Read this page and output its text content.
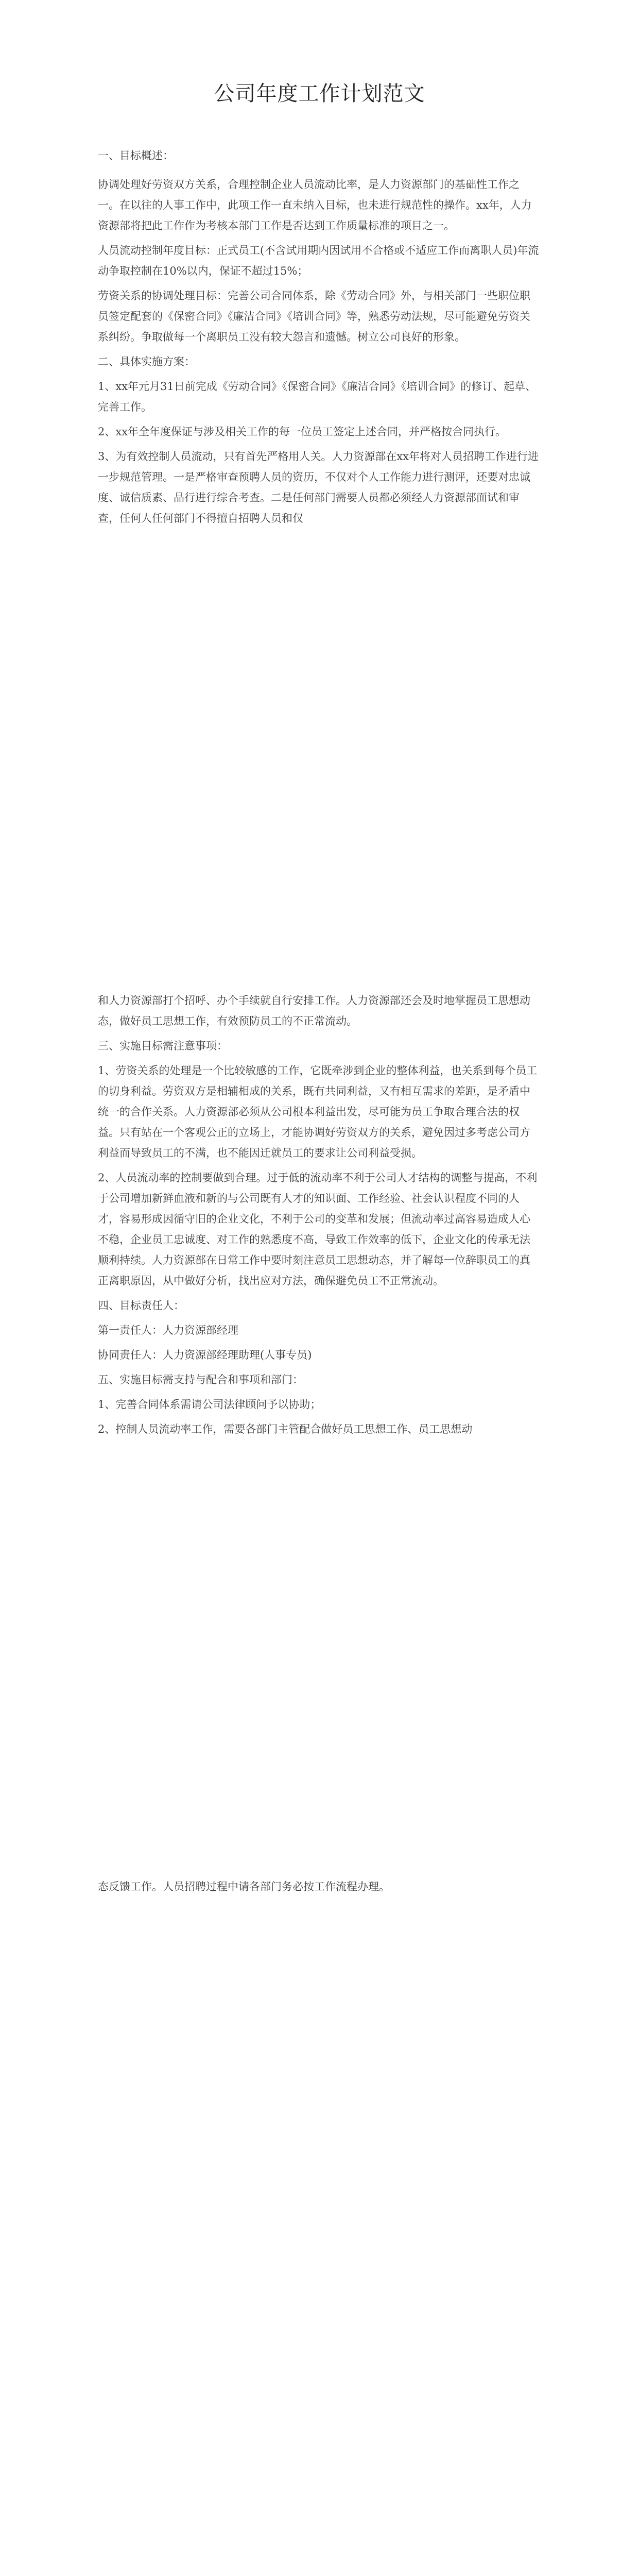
公司年度工作计划范文

一、目标概述：

协调处理好劳资双方关系，合理控制企业人员流动比率，是人力资源部门的基础性工作之一。在以往的人事工作中，此项工作一直未纳入目标，也未进行规范性的操作。xx年，人力资源部将把此工作作为考核本部门工作是否达到工作质量标准的项目之一。

人员流动控制年度目标：正式员工(不含试用期内因试用不合格或不适应工作而离职人员)年流动争取控制在10%以内，保证不超过15%；

劳资关系的协调处理目标：完善公司合同体系，除《劳动合同》外，与相关部门一些职位职员签定配套的《保密合同》《廉洁合同》《培训合同》等，熟悉劳动法规，尽可能避免劳资关系纠纷。争取做每一个离职员工没有较大怨言和遗憾。树立公司良好的形象。

二、具体实施方案：

1、xx年元月31日前完成《劳动合同》《保密合同》《廉洁合同》《培训合同》的修订、起草、完善工作。

2、xx年全年度保证与涉及相关工作的每一位员工签定上述合同，并严格按合同执行。

3、为有效控制人员流动，只有首先严格用人关。人力资源部在xx年将对人员招聘工作进行进一步规范管理。一是严格审查预聘人员的资历，不仅对个人工作能力进行测评，还要对忠诚度、诚信质素、品行进行综合考查。二是任何部门需要人员都必须经人力资源部面试和审查，任何人任何部门不得擅自招聘人员和仅

和人力资源部打个招呼、办个手续就自行安排工作。人力资源部还会及时地掌握员工思想动态，做好员工思想工作，有效预防员工的不正常流动。

三、实施目标需注意事项：

1、劳资关系的处理是一个比较敏感的工作，它既牵涉到企业的整体利益，也关系到每个员工的切身利益。劳资双方是相辅相成的关系，既有共同利益，又有相互需求的差距，是矛盾中统一的合作关系。人力资源部必须从公司根本利益出发，尽可能为员工争取合理合法的权益。只有站在一个客观公正的立场上，才能协调好劳资双方的关系，避免因过多考虑公司方利益而导致员工的不满，也不能因迁就员工的要求让公司利益受损。

2、人员流动率的控制要做到合理。过于低的流动率不利于公司人才结构的调整与提高，不利于公司增加新鲜血液和新的与公司既有人才的知识面、工作经验、社会认识程度不同的人才，容易形成因循守旧的企业文化，不利于公司的变革和发展；但流动率过高容易造成人心不稳，企业员工忠诚度、对工作的熟悉度不高，导致工作效率的低下，企业文化的传承无法顺利持续。人力资源部在日常工作中要时刻注意员工思想动态，并了解每一位辞职员工的真正离职原因，从中做好分析，找出应对方法，确保避免员工不正常流动。

四、目标责任人：

第一责任人：人力资源部经理

协同责任人：人力资源部经理助理(人事专员)

五、实施目标需支持与配合和事项和部门：

1、完善合同体系需请公司法律顾问予以协助；

2、控制人员流动率工作，需要各部门主管配合做好员工思想工作、员工思想动

态反馈工作。人员招聘过程中请各部门务必按工作流程办理。
